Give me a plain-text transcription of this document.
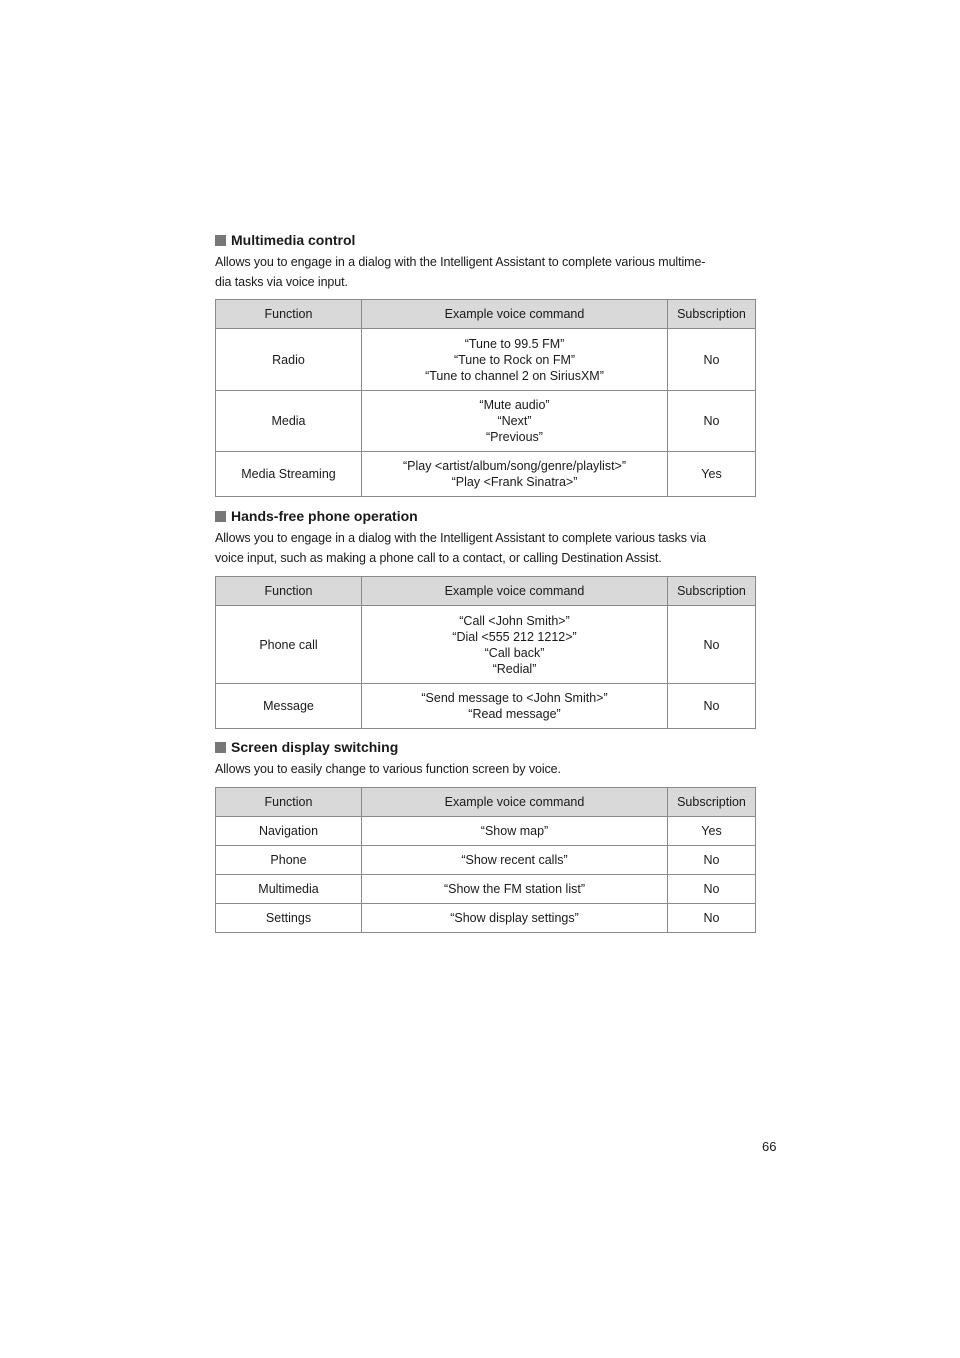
Multimedia control

Allows you to engage in a dialog with the Intelligent Assistant to complete various multime-
dia tasks via voice input.

Function	Example voice command	Subscription
Radio	“Tune to 99.5 FM”
“Tune to Rock on FM”
“Tune to channel 2 on SiriusXM”	No
Media	“Mute audio”
“Next”
“Previous”	No
Media Streaming	“Play <artist/album/song/genre/playlist>”
“Play <Frank Sinatra>”	Yes
Hands-free phone operation

Allows you to engage in a dialog with the Intelligent Assistant to complete various tasks via
voice input, such as making a phone call to a contact, or calling Destination Assist.

Function	Example voice command	Subscription
Phone call	“Call <John Smith>”
“Dial <555 212 1212>”
“Call back”
“Redial”	No
Message	“Send message to <John Smith>”
“Read message”	No
Screen display switching

Allows you to easily change to various function screen by voice.

Function	Example voice command	Subscription
Navigation	“Show map”	Yes
Phone	“Show recent calls”	No
Multimedia	“Show the FM station list”	No
Settings	“Show display settings”	No
66
